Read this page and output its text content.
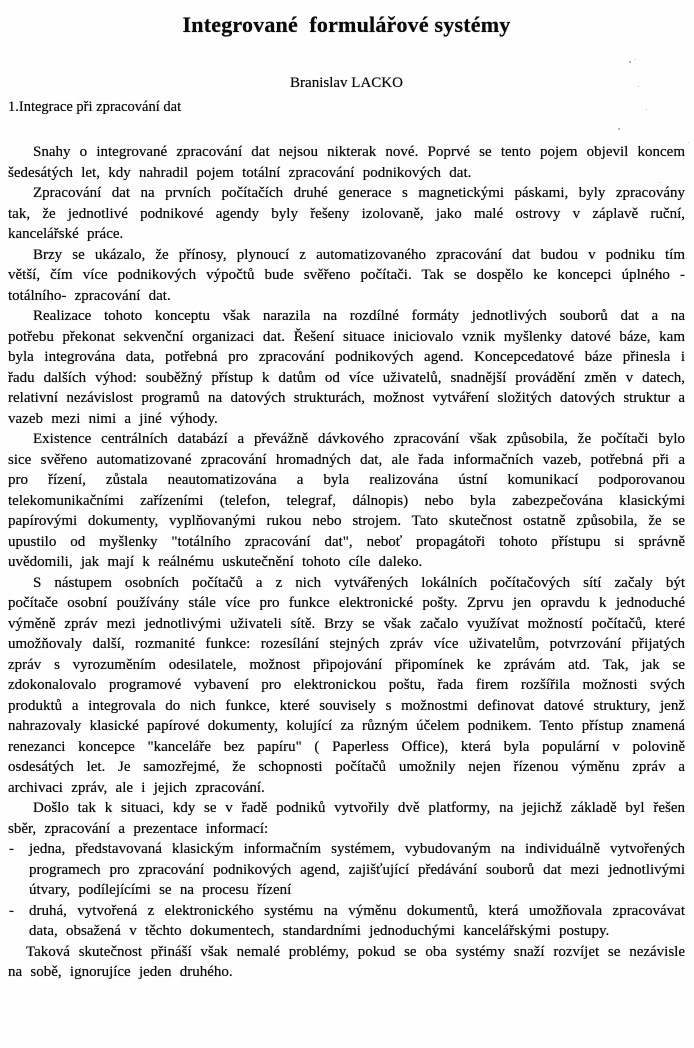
Integrované  formulářové systémy
Branislav LACKO
1.Integrace při zpracování dat

Snahy o integrované zpracování dat nejsou nikterak nové. Poprvé se tento pojem objevil koncem šedesátých let, kdy nahradil pojem totální zpracování podnikových dat.

Zpracování dat na prvních počítačích druhé generace s magnetickými páskami, byly zpracovány tak, že jednotlivé podnikové agendy byly řešeny izolovaně, jako malé ostrovy v záplavě ruční, kancelářské práce.

Brzy se ukázalo, že přínosy, plynoucí z automatizovaného zpracování dat budou v podniku tím větší, čím více podnikových výpočtů bude svěřeno počítači. Tak se dospělo ke koncepci úplného -totálního- zpracování dat.

Realizace tohoto konceptu však narazila na rozdílné formáty jednotlivých souborů dat a na potřebu překonat sekvenční organizaci dat. Řešení situace iniciovalo vznik myšlenky datové báze, kam byla integrována data, potřebná pro zpracování podnikových agend. Koncepcedatové báze přinesla i řadu dalších výhod: souběžný přístup k datům od více uživatelů, snadnější provádění změn v datech, relativní nezávislost programů na datových strukturách, možnost vytváření složitých datových struktur a vazeb mezi nimi a jiné výhody.

Existence centrálních databází a převážně dávkového zpracování však způsobila, že počítači bylo sice svěřeno automatizované zpracování hromadných dat, ale řada informačních vazeb, potřebná při a pro řízení, zůstala neautomatizována a byla realizována ústní komunikací podporovanou telekomunikačními zařízeními (telefon, telegraf, dálnopis) nebo byla zabezpečována klasickými papírovými dokumenty, vyplňovanými rukou nebo strojem. Tato skutečnost ostatně způsobila, že se upustilo od myšlenky "totálního zpracování dat", neboť propagátoři tohoto přístupu si správně uvědomili, jak mají k reálnému uskutečnění tohoto cíle daleko.

S nástupem osobních počítačů a z nich vytvářených lokálních počítačových sítí začaly být počítače osobní používány stále více pro funkce elektronické pošty. Zprvu jen opravdu k jednoduché výměně zpráv mezi jednotlivými uživateli sítě. Brzy se však začalo využívat možností počítačů, které umožňovaly další, rozmanité funkce: rozesílání stejných zpráv více uživatelům, potvrzování přijatých zpráv s vyrozuměním odesilatele, možnost připojování připomínek ke zprávám atd. Tak, jak se zdokonalovalo programové vybavení pro elektronickou poštu, řada firem rozšířila možnosti svých produktů a integrovala do nich funkce, které souvisely s možnostmi definovat datové struktury, jenž nahrazovaly klasické papírové dokumenty, kolující za různým účelem podnikem. Tento přístup znamená renezanci koncepce "kanceláře bez papíru" ( Paperless Office), která byla populární v polovině osdesátých let. Je samozřejmé, že schopnosti počítačů umožnily nejen řízenou výměnu zpráv a archivaci zpráv, ale i jejich zpracování.

Došlo tak k situaci, kdy se v řadě podniků vytvořily dvě platformy, na jejichž základě byl řešen sběr, zpracování a prezentace informací:

-	jedna, představovaná klasickým informačním systémem, vybudovaným na individuálně vytvořených programech pro zpracování podnikových agend, zajišťující předávání souborů dat mezi jednotlivými útvary, podílejícími se na procesu řízení
-	druhá, vytvořená z elektronického systému na výměnu dokumentů, která umožňovala zpracovávat data, obsažená v těchto dokumentech, standardními jednoduchými kancelářskými postupy.

Taková skutečnost přináší však nemalé problémy, pokud se oba systémy snaží rozvíjet se nezávisle na sobě, ignorujíce jeden druhého.
